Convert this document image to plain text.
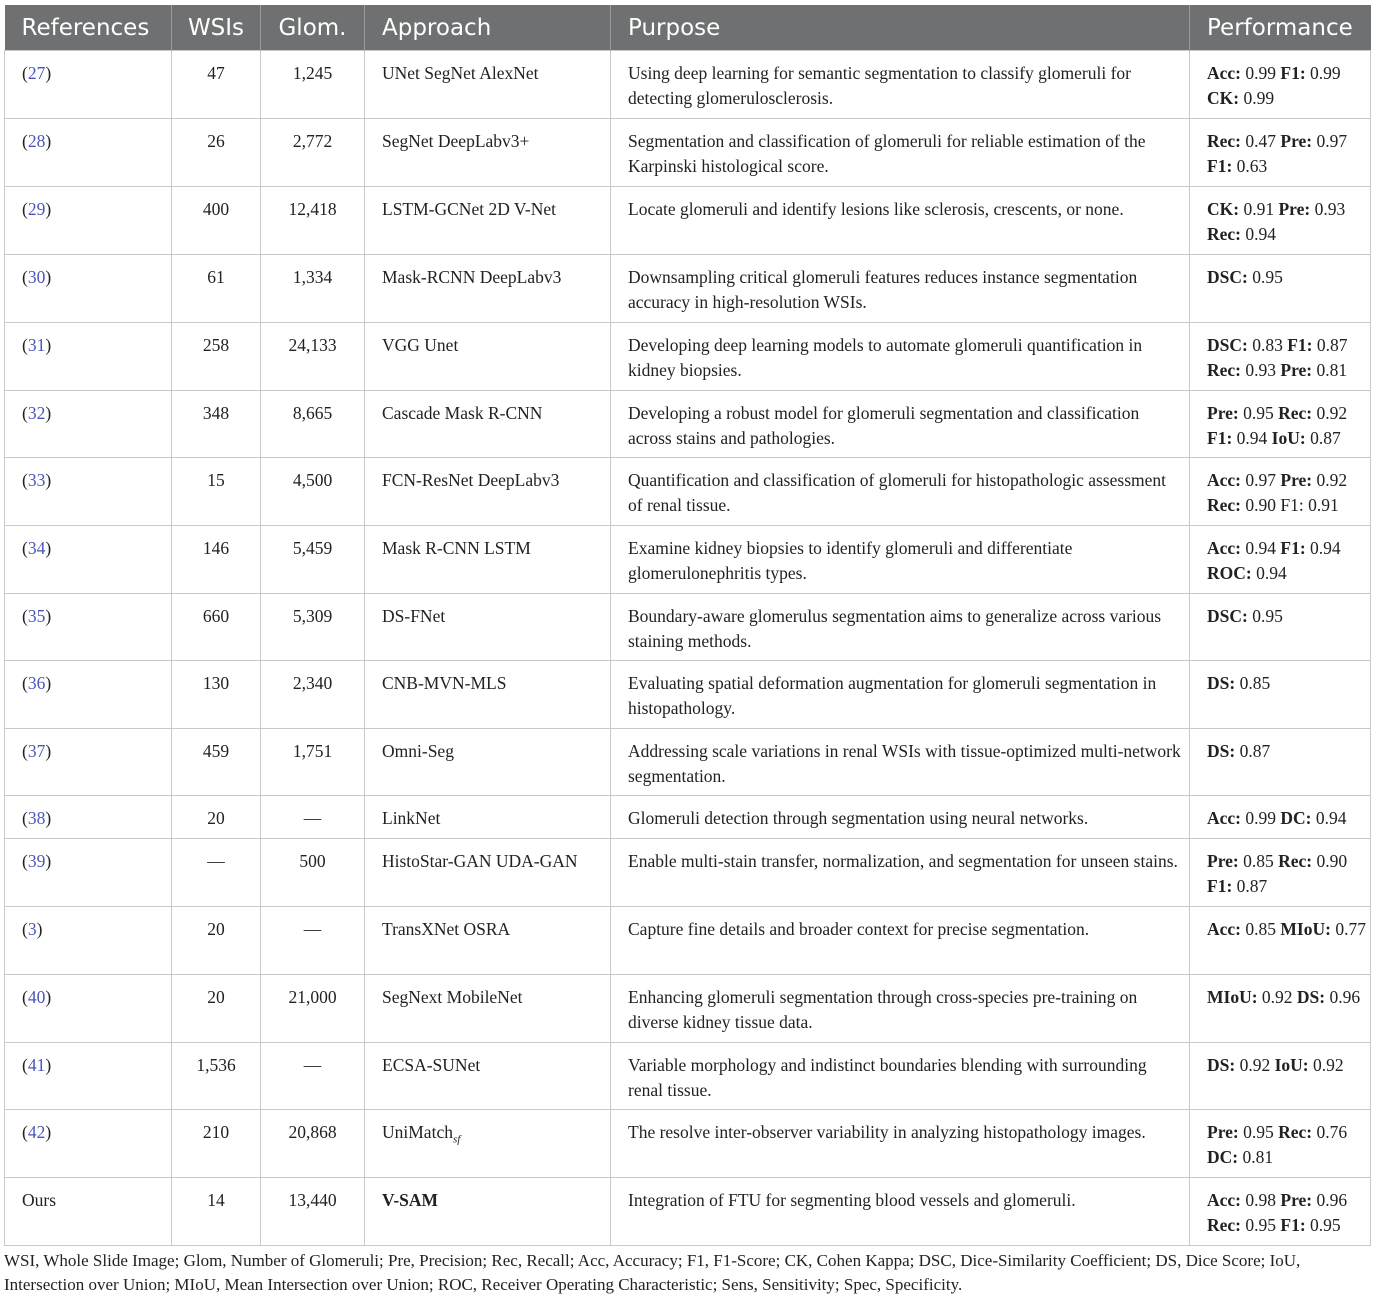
References	WSIs	Glom.	Approach	Purpose	Performance
(27)	47	1,245	UNet SegNet AlexNet	Using deep learning for semantic segmentation to classify glomeruli for detecting glomerulosclerosis.	Acc: 0.99 F1: 0.99 CK: 0.99
(28)	26	2,772	SegNet DeepLabv3+	Segmentation and classification of glomeruli for reliable estimation of the Karpinski histological score.	Rec: 0.47 Pre: 0.97 F1: 0.63
(29)	400	12,418	LSTM-GCNet 2D V-Net	Locate glomeruli and identify lesions like sclerosis, crescents, or none.	CK: 0.91 Pre: 0.93 Rec: 0.94
(30)	61	1,334	Mask-RCNN DeepLabv3	Downsampling critical glomeruli features reduces instance segmentation accuracy in high-resolution WSIs.	DSC: 0.95
(31)	258	24,133	VGG Unet	Developing deep learning models to automate glomeruli quantification in kidney biopsies.	DSC: 0.83 F1: 0.87 Rec: 0.93 Pre: 0.81
(32)	348	8,665	Cascade Mask R-CNN	Developing a robust model for glomeruli segmentation and classification across stains and pathologies.	Pre: 0.95 Rec: 0.92 F1: 0.94 IoU: 0.87
(33)	15	4,500	FCN-ResNet DeepLabv3	Quantification and classification of glomeruli for histopathologic assessment of renal tissue.	Acc: 0.97 Pre: 0.92 Rec: 0.90 F1: 0.91
(34)	146	5,459	Mask R-CNN LSTM	Examine kidney biopsies to identify glomeruli and differentiate glomerulonephritis types.	Acc: 0.94 F1: 0.94 ROC: 0.94
(35)	660	5,309	DS-FNet	Boundary-aware glomerulus segmentation aims to generalize across various staining methods.	DSC: 0.95
(36)	130	2,340	CNB-MVN-MLS	Evaluating spatial deformation augmentation for glomeruli segmentation in histopathology.	DS: 0.85
(37)	459	1,751	Omni-Seg	Addressing scale variations in renal WSIs with tissue-optimized multi-network segmentation.	DS: 0.87
(38)	20	—	LinkNet	Glomeruli detection through segmentation using neural networks.	Acc: 0.99 DC: 0.94
(39)	—	500	HistoStar-GAN UDA-GAN	Enable multi-stain transfer, normalization, and segmentation for unseen stains.	Pre: 0.85 Rec: 0.90 F1: 0.87
(3)	20	—	TransXNet OSRA	Capture fine details and broader context for precise segmentation.	Acc: 0.85 MIoU: 0.77
(40)	20	21,000	SegNext MobileNet	Enhancing glomeruli segmentation through cross-species pre-training on diverse kidney tissue data.	MIoU: 0.92 DS: 0.96
(41)	1,536	—	ECSA-SUNet	Variable morphology and indistinct boundaries blending with surrounding renal tissue.	DS: 0.92 IoU: 0.92
(42)	210	20,868	UniMatch$_{sf}$	The resolve inter-observer variability in analyzing histopathology images.	Pre: 0.95 Rec: 0.76 DC: 0.81
Ours	14	13,440	V-SAM	Integration of FTU for segmenting blood vessels and glomeruli.	Acc: 0.98 Pre: 0.96 Rec: 0.95 F1: 0.95
WSI, Whole Slide Image; Glom, Number of Glomeruli; Pre, Precision; Rec, Recall; Acc, Accuracy; F1, F1-Score; CK, Cohen Kappa; DSC, Dice-Similarity Coefficient; DS, Dice Score; IoU, Intersection over Union; MIoU, Mean Intersection over Union; ROC, Receiver Operating Characteristic; Sens, Sensitivity; Spec, Specificity.
